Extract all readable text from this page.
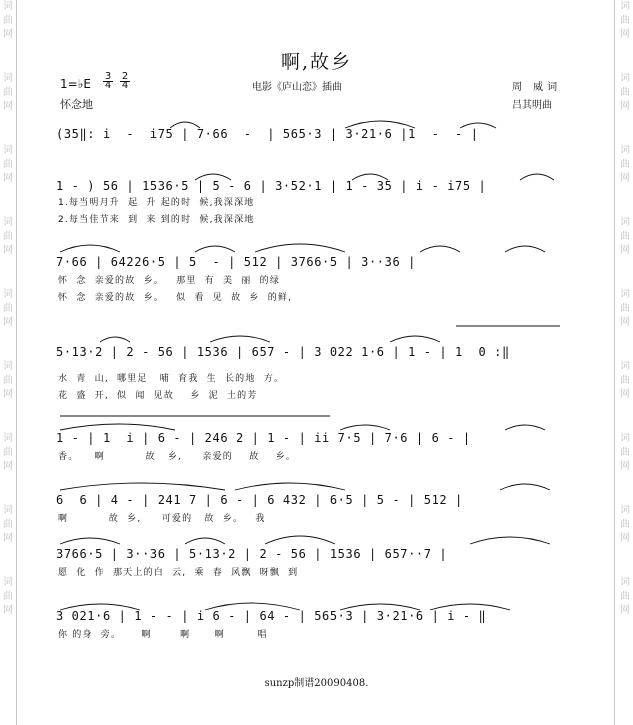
词
曲
网
词
曲
网
词
曲
网
词
曲
网
词
曲
网
词
曲
网
词
曲
网
词
曲
网
词
曲
网
词
曲
网
词
曲
网
词
曲
网
词
曲
网
词
曲
网
词
曲
网
词
曲
网
词
曲
网
词
曲
网
啊,故乡
1=♭E
3
4
2
4
怀念地
电影《庐山恋》插曲	周 威词
吕其明曲
(35‖: i  -  i75 | 7·66  -  | 565·3 | 3·21·6 |1  -  - |
1 - ) 56 | 1536·5 | 5 - 6 | 3·52·1 | 1 - 35 | i - i75 |
1.每当明月升  起  升 起的时  候,我深深地
2.每当佳节来  到  来 到的时  候,我深深地
7·66 | 64226·5 | 5  - | 512 | 3766·5 | 3··36 |
怀  念  亲爱的故  乡。   那里  有  美  丽  的绿
怀  念  亲爱的故  乡。   似  看  见  故  乡  的鲜,
5·13·2 | 2 - 56 | 1536 | 657 - | 3 022 1·6 | 1 - | 1  0 :‖
水  青  山,  哪里足   哺  育我  生  长的地  方。
花  盛  开,  似  闻  见故    乡  泥  土的芳
1 - | 1  i | 6 - | 246 2 | 1 - | ii 7·5 | 7·6 | 6 - |
香。    啊          故   乡,     亲爱的    故    乡。
6  6 | 4 - | 241 7 | 6 - | 6 432 | 6·5 | 5 - | 512 |
啊          故  乡,     可爱的   故  乡。   我
3766·5 | 3··36 | 5·13·2 | 2 - 56 | 1536 | 657··7 |
愿  化  作  那天上的白  云,  乘  春  风飘  呀飘  到
3 021·6 | 1 - - | i 6 - | 64 - | 565·3 | 3·21·6 | i - ‖
你 的身  旁。     啊       啊      啊        唱
sunzp制谱20090408.
